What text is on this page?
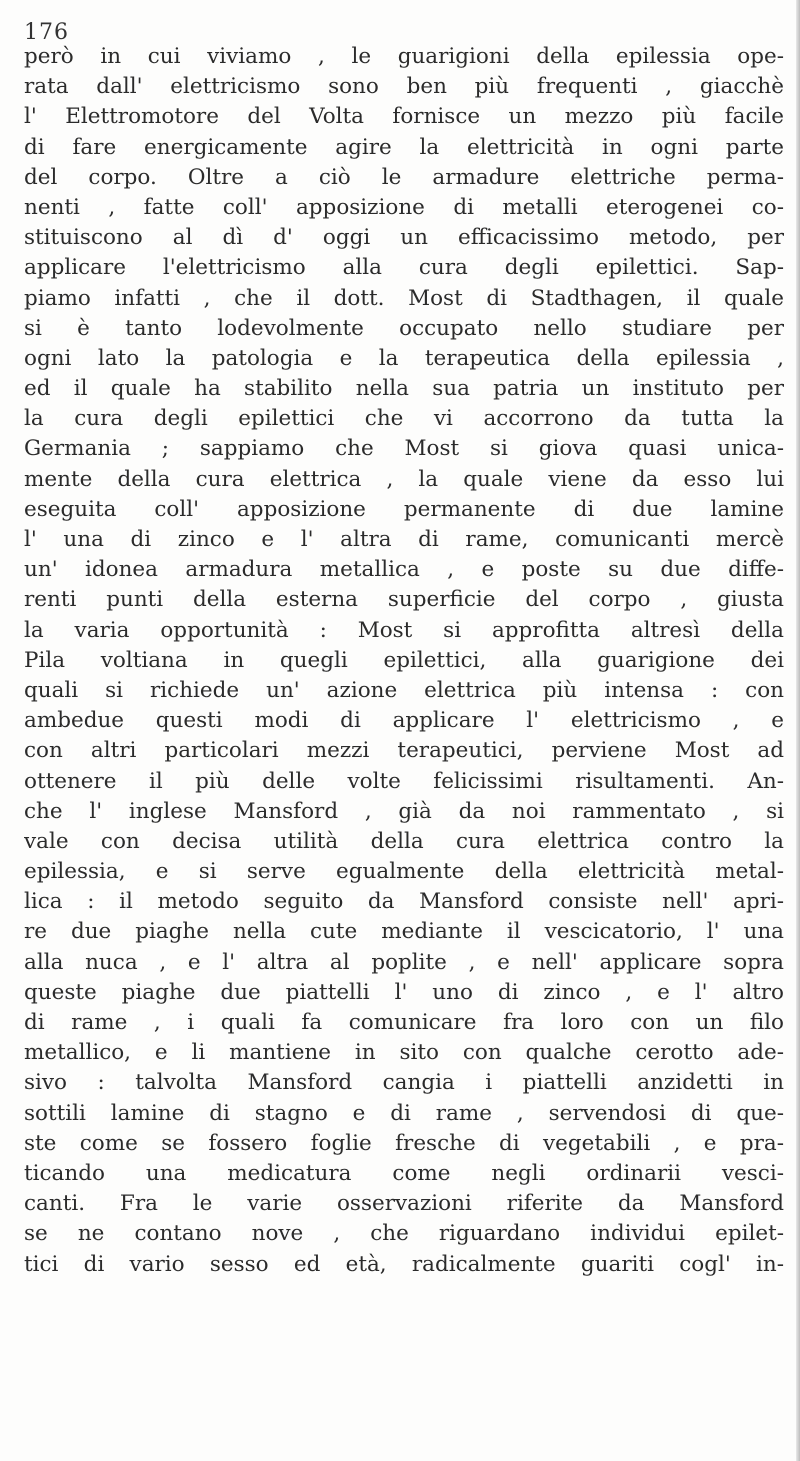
176
però in cui viviamo , le guarigioni della epilessia ope-
rata dall' elettricismo sono ben più frequenti , giacchè
l' Elettromotore del Volta fornisce un mezzo più facile
di fare energicamente agire la elettricità in ogni parte
del corpo. Oltre a ciò le armadure elettriche perma-
nenti , fatte coll' apposizione di metalli eterogenei co-
stituiscono al dì d' oggi un efficacissimo metodo, per
applicare l'elettricismo alla cura degli epilettici. Sap-
piamo infatti , che il dott. Most di Stadthagen, il quale
si è tanto lodevolmente occupato nello studiare per
ogni lato la patologia e la terapeutica della epilessia ,
ed il quale ha stabilito nella sua patria un instituto per
la cura degli epilettici che vi accorrono da tutta la
Germania ; sappiamo che Most si giova quasi unica-
mente della cura elettrica , la quale viene da esso lui
eseguita coll' apposizione permanente di due lamine
l' una di zinco e l' altra di rame, comunicanti mercè
un' idonea armadura metallica , e poste su due diffe-
renti punti della esterna superficie del corpo , giusta
la varia opportunità : Most si approfitta altresì della
Pila voltiana in quegli epilettici, alla guarigione dei
quali si richiede un' azione elettrica più intensa : con
ambedue questi modi di applicare l' elettricismo , e
con altri particolari mezzi terapeutici, perviene Most ad
ottenere il più delle volte felicissimi risultamenti. An-
che l' inglese Mansford , già da noi rammentato , si
vale con decisa utilità della cura elettrica contro la
epilessia, e si serve egualmente della elettricità metal-
lica : il metodo seguito da Mansford consiste nell' apri-
re due piaghe nella cute mediante il vescicatorio, l' una
alla nuca , e l' altra al poplite , e nell' applicare sopra
queste piaghe due piattelli l' uno di zinco , e l' altro
di rame , i quali fa comunicare fra loro con un filo
metallico, e li mantiene in sito con qualche cerotto ade-
sivo : talvolta Mansford cangia i piattelli anzidetti in
sottili lamine di stagno e di rame , servendosi di que-
ste come se fossero foglie fresche di vegetabili , e pra-
ticando una medicatura come negli ordinarii vesci-
canti. Fra le varie osservazioni riferite da Mansford
se ne contano nove , che riguardano individui epilet-
tici di vario sesso ed età, radicalmente guariti cogl' in-
